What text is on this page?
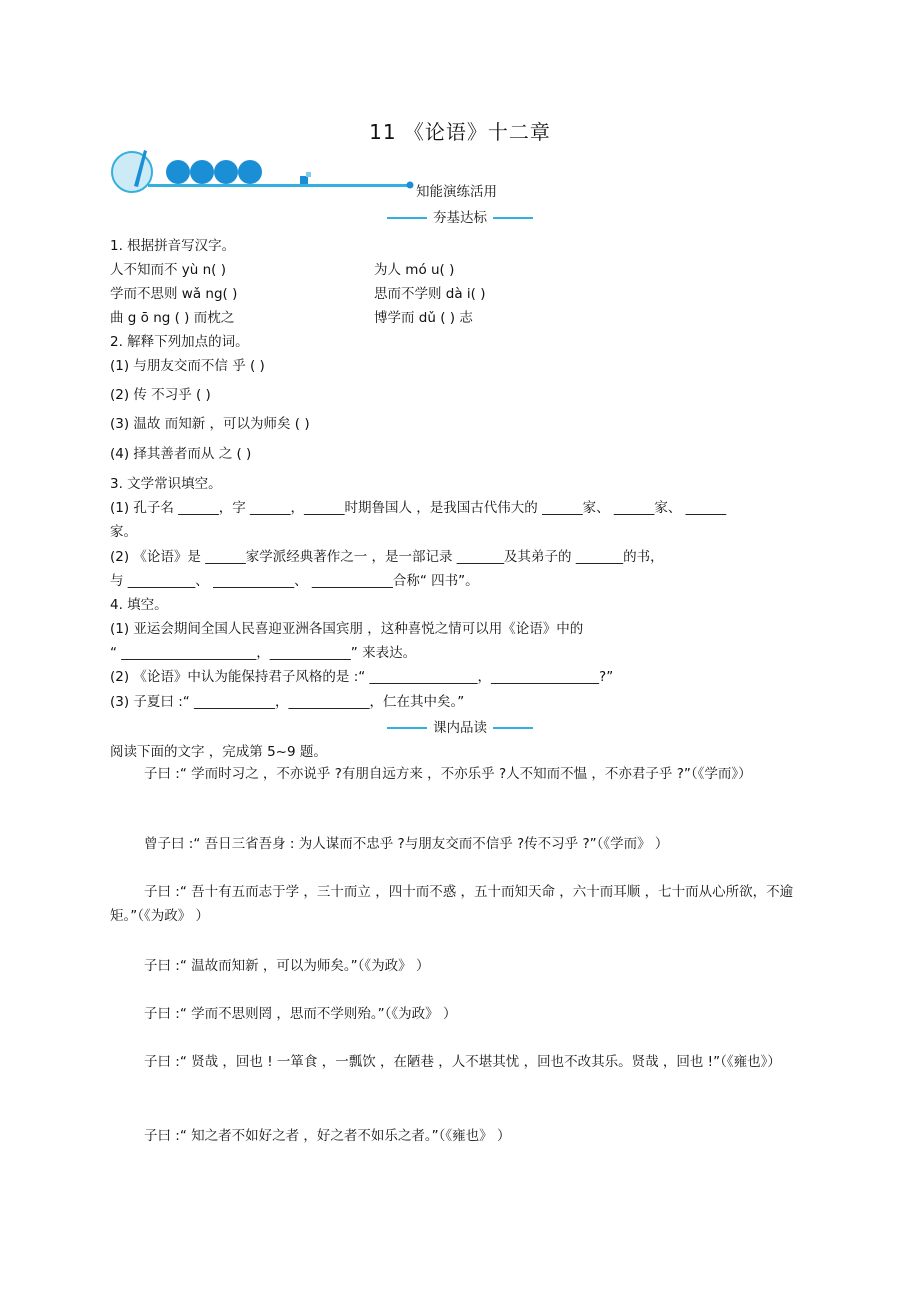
11 《论语》十二章
知能演练活用
夯基达标
1. 根据拼音写汉字。
人不知而不 yù n( )	为人 mó u( )
学而不思则 wǎ ng( )	思而不学则 dà i( )
曲 g ō ng ( ) 而枕之	博学而 dǔ ( ) 志
2. 解释下列加点的词。
(1) 与朋友交而不信 乎 ( )
(2) 传 不习乎 ( )
(3) 温故 而知新 ，可以为师矣 ( )
(4) 择其善者而从 之 ( )
3. 文学常识填空。
(1) 孔子名 ______，字 ______，______时期鲁国人 ，是我国古代伟大的 ______家、 ______家、 ______
家。
(2) 《论语》是 ______家学派经典著作之一 ，是一部记录 _______及其弟子的 _______的书，
与 __________、 ____________、 ____________合称“ 四书”。
4. 填空。
(1) 亚运会期间全国人民喜迎亚洲各国宾朋 ，这种喜悦之情可以用《论语》中的
“ ____________________，____________” 来表达。
(2) 《论语》中认为能保持君子风格的是 :“ ________________，________________?”
(3) 子夏曰 :“ ____________，____________，仁在其中矣。”
课内品读
阅读下面的文字 ，完成第 5~9 题。
子曰 :“ 学而时习之 ，不亦说乎 ?有朋自远方来 ，不亦乐乎 ?人不知而不愠 ，不亦君子乎 ?”（《学而》）
曾子曰 :“ 吾日三省吾身 : 为人谋而不忠乎 ?与朋友交而不信乎 ?传不习乎 ?”（《学而》 ）
子曰 :“ 吾十有五而志于学 ，三十而立 ，四十而不惑 ，五十而知天命 ，六十而耳顺 ，七十而从心所欲，不逾矩。”（《为政》 ）
子曰 :“ 温故而知新 ，可以为师矣。”（《为政》 ）
子曰 :“ 学而不思则罔 ，思而不学则殆。”（《为政》 ）
子曰 :“ 贤哉 ，回也 ! 一箪食 ，一瓢饮 ，在陋巷 ，人不堪其忧 ，回也不改其乐。贤哉 ，回也 !”（《雍也》）
子曰 :“ 知之者不如好之者 ，好之者不如乐之者。”（《雍也》 ）
